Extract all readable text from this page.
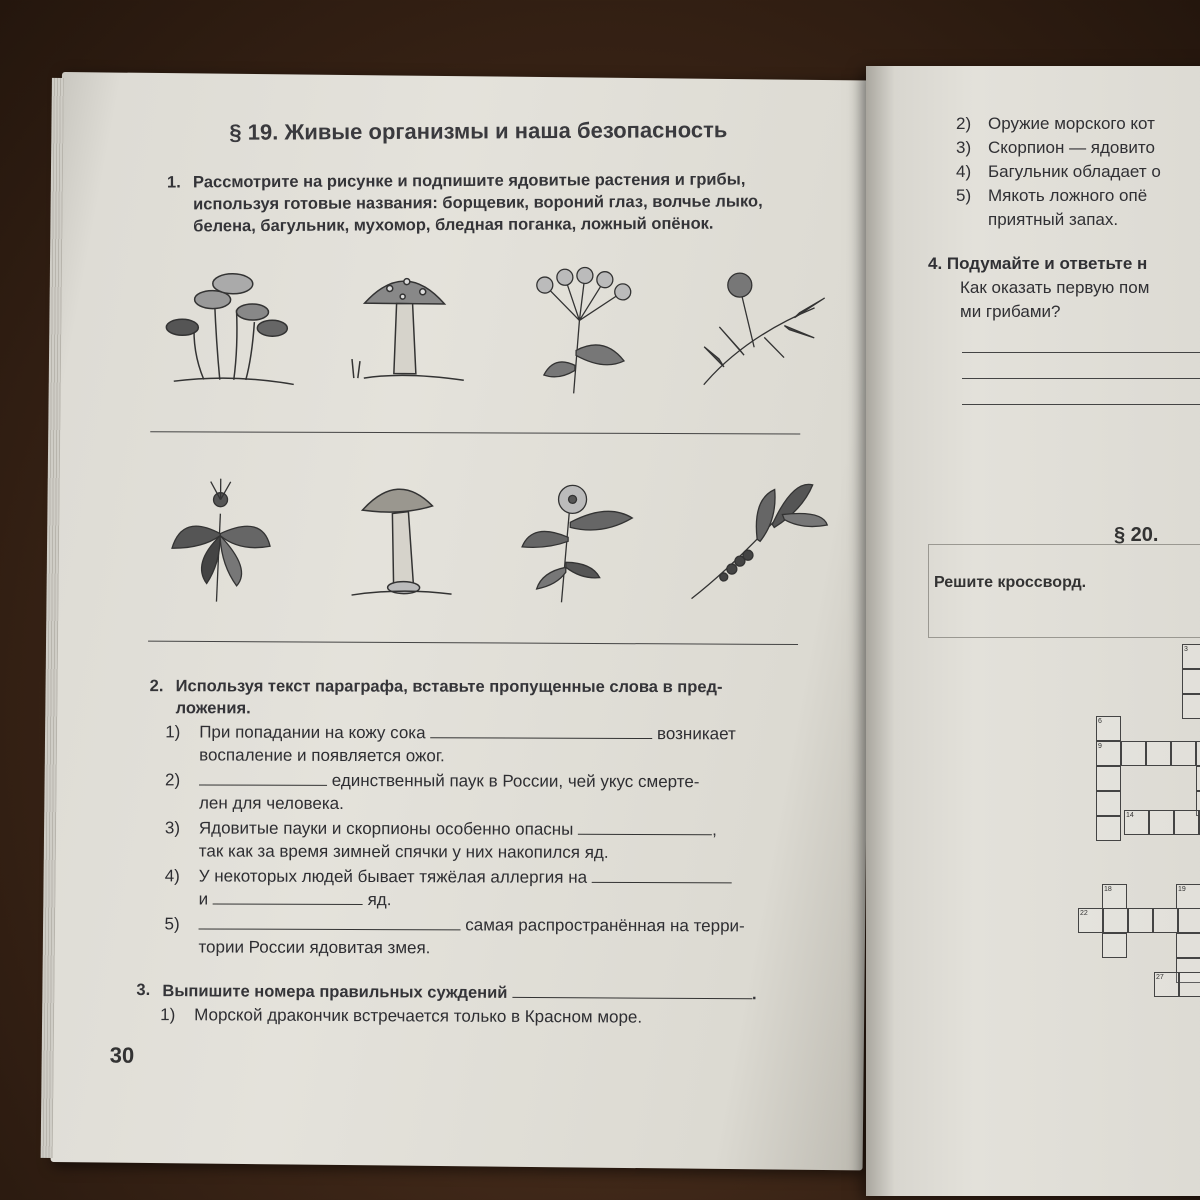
§ 19. Живые организмы и наша безопасность
1. Рассмотрите на рисунке и подпишите ядовитые растения и грибы,
используя готовые названия: борщевик, вороний глаз, волчье лыко,
белена, багульник, мухомор, бледная поганка, ложный опёнок.
2. Используя текст параграфа, вставьте пропущенные слова в пред-
ложения.
1) При попадании на кожу сока	возникает
воспаление и появляется ожог.
2)	единственный паук в России, чей укус смерте-
лен для человека.
3) Ядовитые пауки и скорпионы особенно опасны	,
так как за время зимней спячки у них накопился яд.
4) У некоторых людей бывает тяжёлая аллергия на
и	яд.
5)	самая распространённая на терри-
тории России ядовитая змея.
3. Выпишите номера правильных суждений	.
1) Морской дракончик встречается только в Красном море.
30
2) Оружие морского кот
3) Скорпион — ядовито
4) Багульник обладает о
5) Мякоть ложного опё
приятный запах.
4. Подумайте и ответьте н
Как оказать первую пом
ми грибами?
§ 20.
Решите кроссворд.
3
6
9
14
18	19
22
27
